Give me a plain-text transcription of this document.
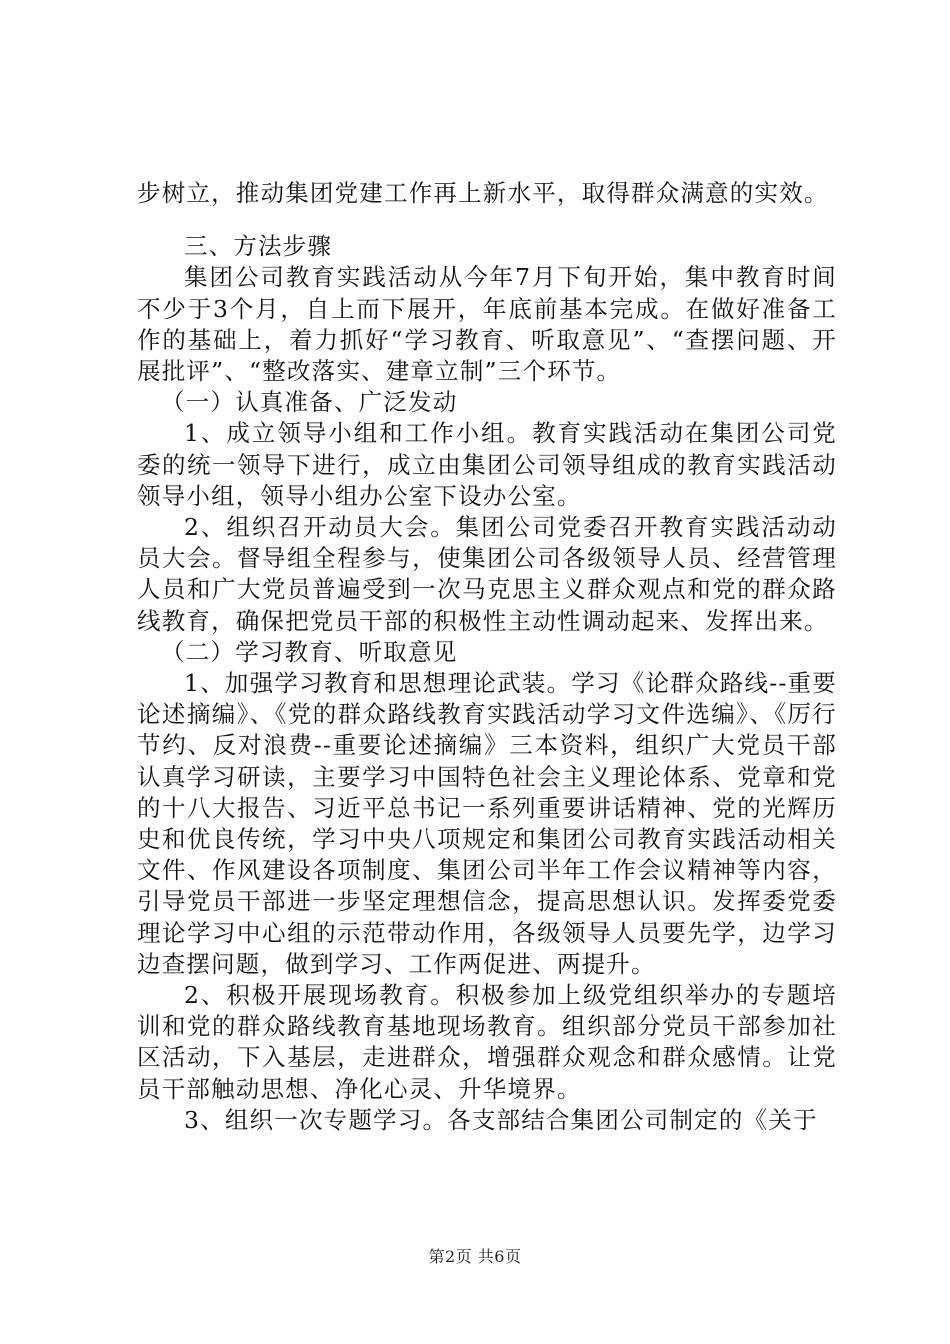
步树立，推动集团党建工作再上新水平，取得群众满意的实效。

三、方法步骤

集团公司教育实践活动从今年7月下旬开始，集中教育时间不少于3个月，自上而下展开，年底前基本完成。在做好准备工作的基础上，着力抓好“学习教育、听取意见”、“查摆问题、开展批评”、“整改落实、建章立制”三个环节。

（一）认真准备、广泛发动

1、成立领导小组和工作小组。教育实践活动在集团公司党委的统一领导下进行，成立由集团公司领导组成的教育实践活动领导小组，领导小组办公室下设办公室。

2、组织召开动员大会。集团公司党委召开教育实践活动动员大会。督导组全程参与，使集团公司各级领导人员、经营管理人员和广大党员普遍受到一次马克思主义群众观点和党的群众路线教育，确保把党员干部的积极性主动性调动起来、发挥出来。

（二）学习教育、听取意见

1、加强学习教育和思想理论武装。学习《论群众路线--重要论述摘编》、《党的群众路线教育实践活动学习文件选编》、《厉行节约、反对浪费--重要论述摘编》三本资料，组织广大党员干部认真学习研读，主要学习中国特色社会主义理论体系、党章和党的十八大报告、习近平总书记一系列重要讲话精神、党的光辉历史和优良传统，学习中央八项规定和集团公司教育实践活动相关文件、作风建设各项制度、集团公司半年工作会议精神等内容，引导党员干部进一步坚定理想信念，提高思想认识。发挥委党委理论学习中心组的示范带动作用，各级领导人员要先学，边学习边查摆问题，做到学习、工作两促进、两提升。

2、积极开展现场教育。积极参加上级党组织举办的专题培训和党的群众路线教育基地现场教育。组织部分党员干部参加社区活动，下入基层，走进群众，增强群众观念和群众感情。让党员干部触动思想、净化心灵、升华境界。

3、组织一次专题学习。各支部结合集团公司制定的《关于

第2页 共6页
